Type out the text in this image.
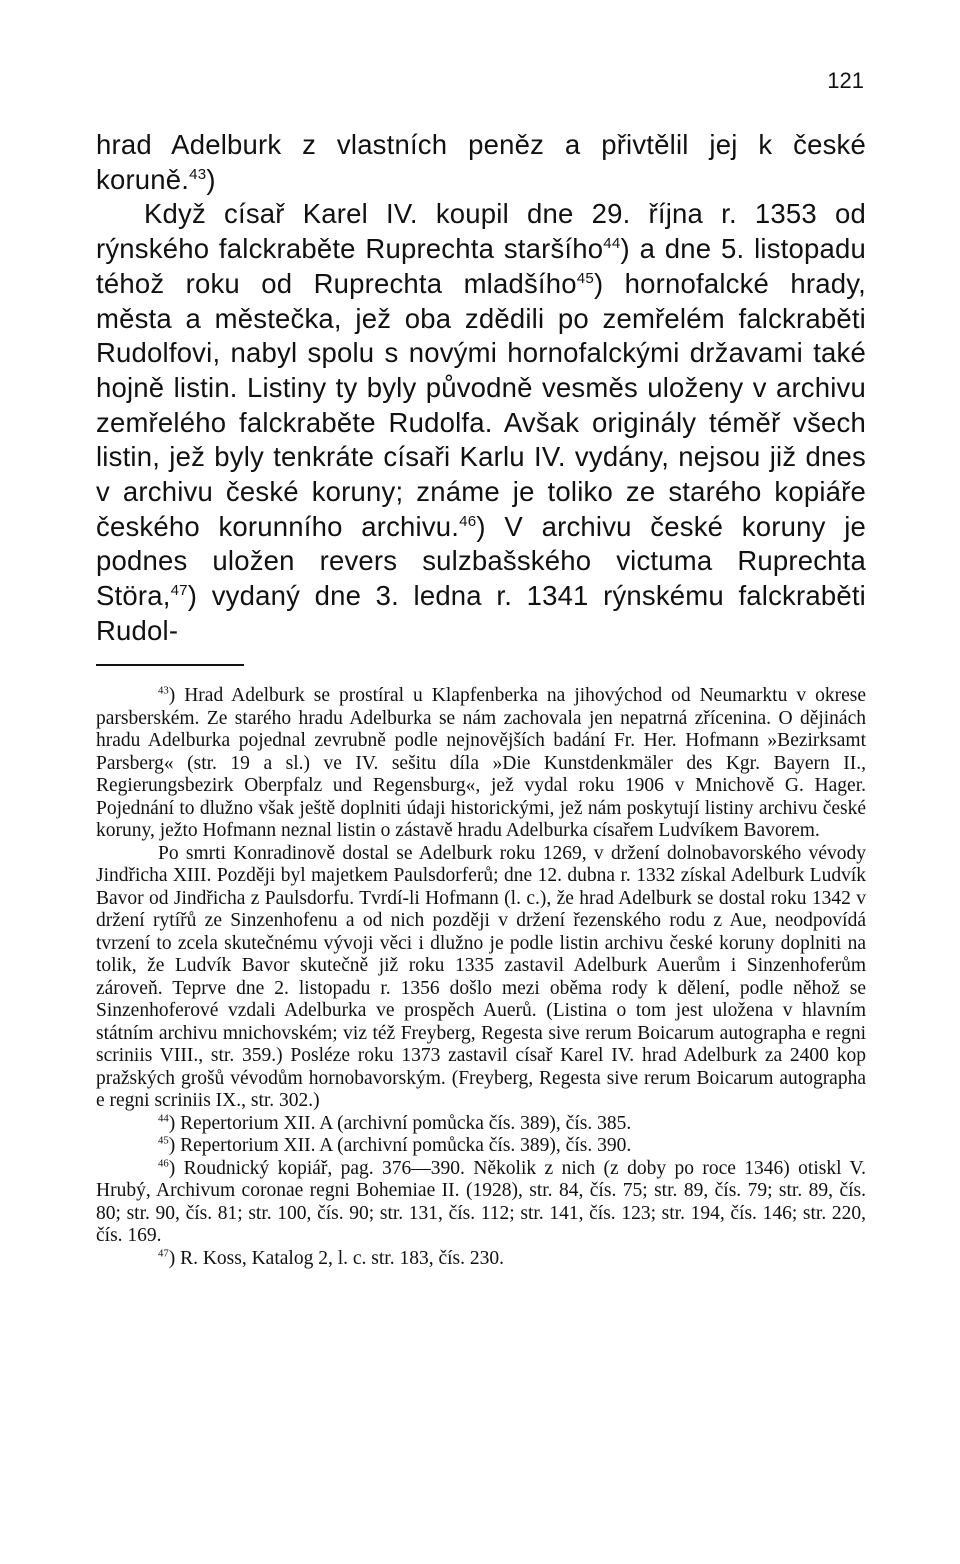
121

hrad Adelburk z vlastních peněz a přivtělil jej k české koruně.$^{43}$)

Když císař Karel IV. koupil dne 29. října r. 1353 od rýnského falckraběte Ruprechta staršího$^{44}$) a dne 5. listopadu téhož roku od Ruprechta mladšího$^{45}$) hornofalcké hrady, města a městečka, jež oba zdědili po zemřelém falckraběti Rudolfovi, nabyl spolu s novými hornofalckými državami také hojně listin. Listiny ty byly původně vesměs uloženy v archivu zemřelého falckraběte Rudolfa. Avšak originály téměř všech listin, jež byly tenkráte císaři Karlu IV. vydány, nejsou již dnes v archivu české koruny; známe je toliko ze starého kopiáře českého korunního archivu.$^{46}$) V archivu české koruny je podnes uložen revers sulzbašského victuma Ruprechta Störa,$^{47}$) vydaný dne 3. ledna r. 1341 rýnskému falckraběti Rudol-

$^{43}$) Hrad Adelburk se prostíral u Klapfenberka na jihovýchod od Neumarktu v okrese parsberském. Ze starého hradu Adelburka se nám zachovala jen nepatrná zřícenina. O dějinách hradu Adelburka pojednal zevrubně podle nejnovějších badání Fr. Her. Hofmann »Bezirksamt Parsberg« (str. 19 a sl.) ve IV. sešitu díla »Die Kunstdenkmäler des Kgr. Bayern II., Regierungsbezirk Oberpfalz und Regensburg«, jež vydal roku 1906 v Mnichově G. Hager. Pojednání to dlužno však ještě doplniti údaji historickými, jež nám poskytují listiny archivu české koruny, ježto Hofmann neznal listin o zástavě hradu Adelburka císařem Ludvíkem Bavorem.

Po smrti Konradinově dostal se Adelburk roku 1269, v držení dolnobavorského vévody Jindřicha XIII. Později byl majetkem Paulsdorferů; dne 12. dubna r. 1332 získal Adelburk Ludvík Bavor od Jindřicha z Paulsdorfu. Tvrdí-li Hofmann (l. c.), že hrad Adelburk se dostal roku 1342 v držení rytířů ze Sinzenhofenu a od nich později v držení řezenského rodu z Aue, neodpovídá tvrzení to zcela skutečnému vývoji věci i dlužno je podle listin archivu české koruny doplniti na tolik, že Ludvík Bavor skutečně již roku 1335 zastavil Adelburk Auerům i Sinzenhoferům zároveň. Teprve dne 2. listopadu r. 1356 došlo mezi oběma rody k dělení, podle něhož se Sinzenhoferové vzdali Adelburka ve prospěch Auerů. (Listina o tom jest uložena v hlavním státním archivu mnichovském; viz též Freyberg, Regesta sive rerum Boicarum autographa e regni scriniis VIII., str. 359.) Posléze roku 1373 zastavil císař Karel IV. hrad Adelburk za 2400 kop pražských grošů vévodům hornobavorským. (Freyberg, Regesta sive rerum Boicarum autographa e regni scriniis IX., str. 302.)

$^{44}$) Repertorium XII. A (archivní pomůcka čís. 389), čís. 385.

$^{45}$) Repertorium XII. A (archivní pomůcka čís. 389), čís. 390.

$^{46}$) Roudnický kopiář, pag. 376—390. Několik z nich (z doby po roce 1346) otiskl V. Hrubý, Archivum coronae regni Bohemiae II. (1928), str. 84, čís. 75; str. 89, čís. 79; str. 89, čís. 80; str. 90, čís. 81; str. 100, čís. 90; str. 131, čís. 112; str. 141, čís. 123; str. 194, čís. 146; str. 220, čís. 169.

$^{47}$) R. Koss, Katalog 2, l. c. str. 183, čís. 230.
